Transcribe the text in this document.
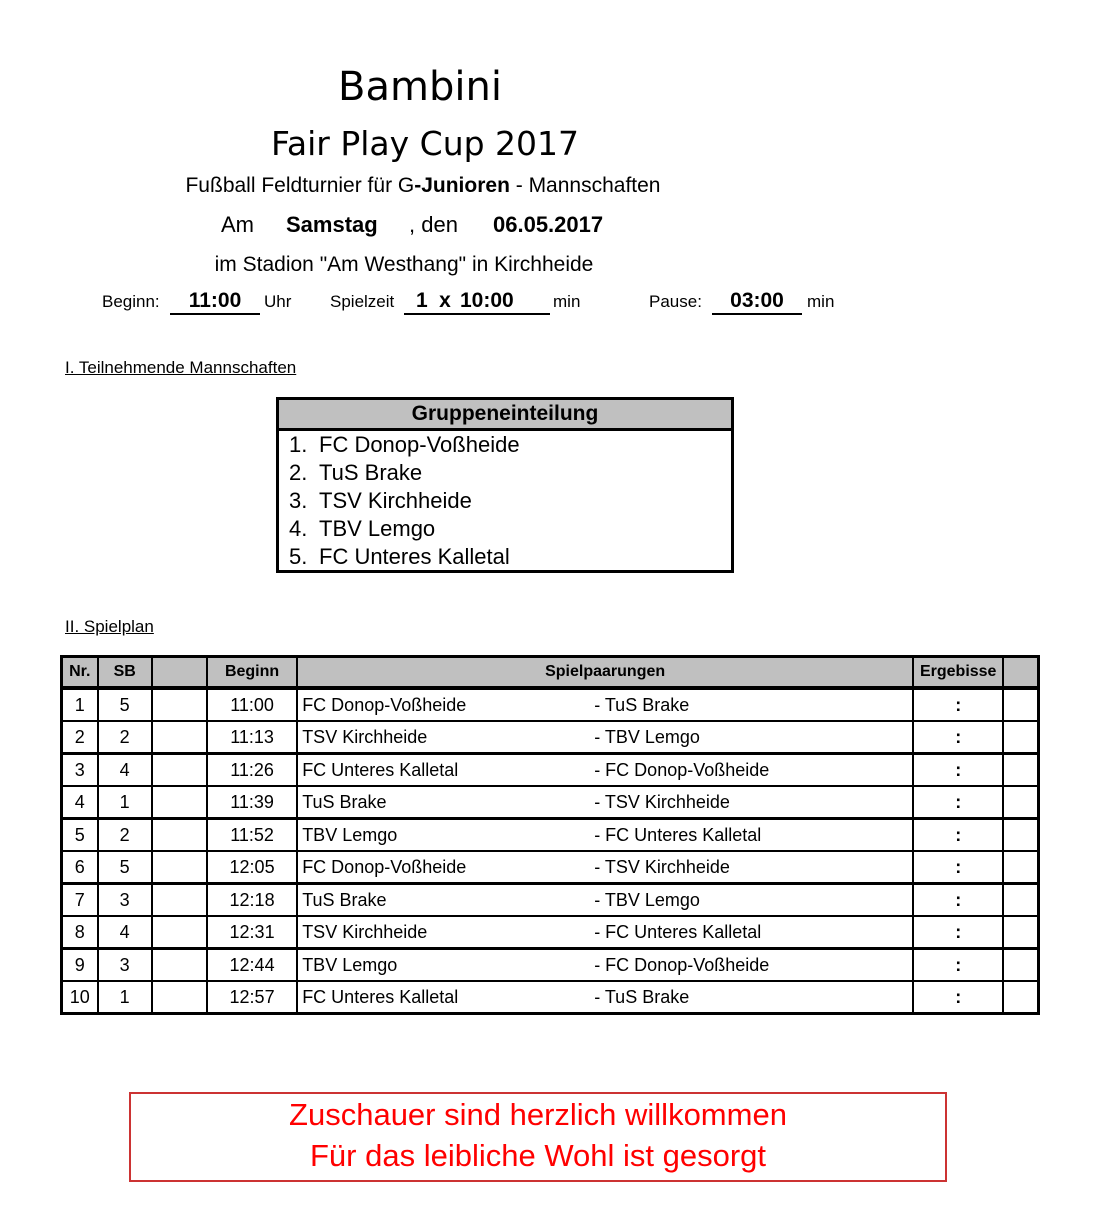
Bambini
Fair Play Cup 2017
Fußball Feldturnier für G-Junioren - Mannschaften
Am Samstag , den 06.05.2017
im Stadion "Am Westhang" in Kirchheide
Beginn:	11:00	Uhr Spielzeit	1 x 10:00	min	Pause:	03:00	min
I. Teilnehmende Mannschaften
Gruppeneinteilung
1. FC Donop-Voßheide
2. TuS Brake
3. TSV Kirchheide
4. TBV Lemgo
5. FC Unteres Kalletal
II. Spielplan
Nr.	SB		Beginn	Spielpaarungen	Ergebisse	
1	5		11:00	FC Donop-Voßheide - TuS Brake	:	
2	2		11:13	TSV Kirchheide - TBV Lemgo	:	
3	4		11:26	FC Unteres Kalletal - FC Donop-Voßheide	:	
4	1		11:39	TuS Brake - TSV Kirchheide	:	
5	2		11:52	TBV Lemgo - FC Unteres Kalletal	:	
6	5		12:05	FC Donop-Voßheide - TSV Kirchheide	:	
7	3		12:18	TuS Brake - TBV Lemgo	:	
8	4		12:31	TSV Kirchheide - FC Unteres Kalletal	:	
9	3		12:44	TBV Lemgo - FC Donop-Voßheide	:	
10	1		12:57	FC Unteres Kalletal - TuS Brake	:	
Zuschauer sind herzlich willkommen
Für das leibliche Wohl ist gesorgt
